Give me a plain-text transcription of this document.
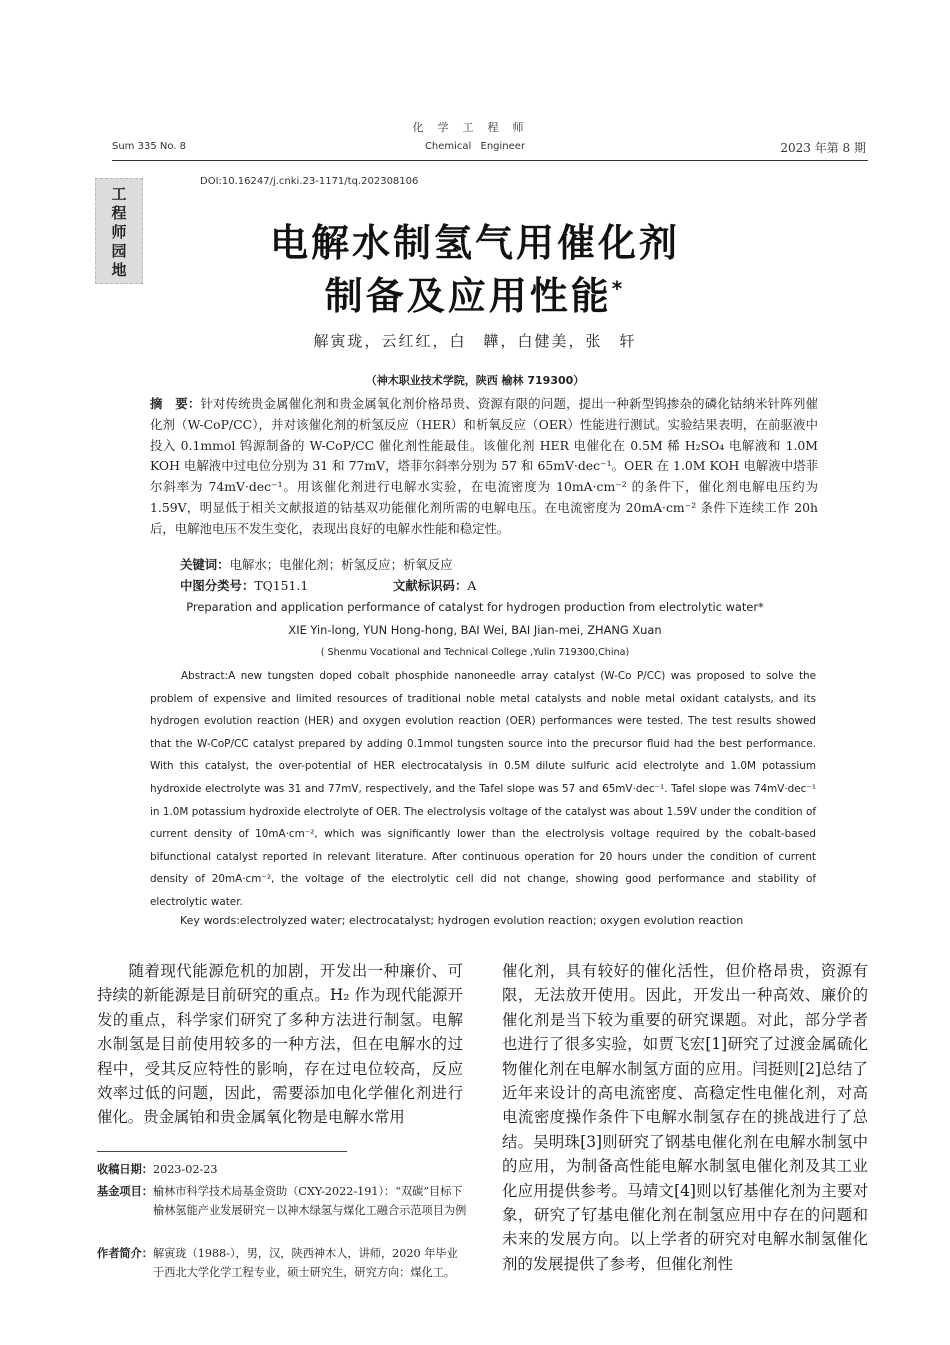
化学工程师
Sum 335 No. 8	Chemical Engineer	2023 年第 8 期
工程师园地
DOI:10.16247/j.cnki.23-1171/tq.202308106
电解水制氢气用催化剂
制备及应用性能*
解寅珑，云红红，白　韡，白健美，张　轩
（神木职业技术学院，陕西 榆林 719300）
摘　要：针对传统贵金属催化剂和贵金属氧化剂价格昂贵、资源有限的问题，提出一种新型钨掺杂的磷化钴纳米针阵列催化剂（W-CoP/CC），并对该催化剂的析氢反应（HER）和析氧反应（OER）性能进行测试。实验结果表明，在前驱液中投入 0.1mmol 钨源制备的 W-CoP/CC 催化剂性能最佳。该催化剂 HER 电催化在 0.5M 稀 H₂SO₄ 电解液和 1.0M KOH 电解液中过电位分别为 31 和 77mV，塔菲尔斜率分别为 57 和 65mV·dec⁻¹。OER 在 1.0M KOH 电解液中塔菲尔斜率为 74mV·dec⁻¹。用该催化剂进行电解水实验，在电流密度为 10mA·cm⁻² 的条件下，催化剂电解电压约为 1.59V，明显低于相关文献报道的钴基双功能催化剂所需的电解电压。在电流密度为 20mA·cm⁻² 条件下连续工作 20h 后，电解池电压不发生变化，表现出良好的电解水性能和稳定性。
关键词：电解水；电催化剂；析氢反应；析氧反应
中图分类号：TQ151.1	文献标识码：A
Preparation and application performance of catalyst for hydrogen production from electrolytic water*
XIE Yin-long, YUN Hong-hong, BAI Wei, BAI Jian-mei, ZHANG Xuan
( Shenmu Vocational and Technical College ,Yulin 719300,China)
Abstract:A new tungsten doped cobalt phosphide nanoneedle array catalyst (W-Co P/CC) was proposed to solve the problem of expensive and limited resources of traditional noble metal catalysts and noble metal oxidant catalysts, and its hydrogen evolution reaction (HER) and oxygen evolution reaction (OER) performances were tested. The test results showed that the W-CoP/CC catalyst prepared by adding 0.1mmol tungsten source into the precursor fluid had the best performance. With this catalyst, the over-potential of HER electrocatalysis in 0.5M dilute sulfuric acid electrolyte and 1.0M potassium hydroxide electrolyte was 31 and 77mV, respectively, and the Tafel slope was 57 and 65mV·dec⁻¹. Tafel slope was 74mV·dec⁻¹ in 1.0M potassium hydroxide electrolyte of OER. The electrolysis voltage of the catalyst was about 1.59V under the condition of current density of 10mA·cm⁻², which was significantly lower than the electrolysis voltage required by the cobalt-based bifunctional catalyst reported in relevant literature. After continuous operation for 20 hours under the condition of current density of 20mA·cm⁻², the voltage of the electrolytic cell did not change, showing good performance and stability of electrolytic water.
Key words:electrolyzed water; electrocatalyst; hydrogen evolution reaction; oxygen evolution reaction
随着现代能源危机的加剧，开发出一种廉价、可持续的新能源是目前研究的重点。H₂ 作为现代能源开发的重点，科学家们研究了多种方法进行制氢。电解水制氢是目前使用较多的一种方法，但在电解水的过程中，受其反应特性的影响，存在过电位较高，反应效率过低的问题，因此，需要添加电化学催化剂进行催化。贵金属铂和贵金属氧化物是电解水常用
催化剂，具有较好的催化活性，但价格昂贵，资源有限，无法放开使用。因此，开发出一种高效、廉价的催化剂是当下较为重要的研究课题。对此，部分学者也进行了很多实验，如贾飞宏[1]研究了过渡金属硫化物催化剂在电解水制氢方面的应用。闫挺则[2]总结了近年来设计的高电流密度、高稳定性电催化剂，对高电流密度操作条件下电解水制氢存在的挑战进行了总结。吴明珠[3]则研究了钢基电催化剂在电解水制氢中的应用，为制备高性能电解水制氢电催化剂及其工业化应用提供参考。马靖文[4]则以钌基催化剂为主要对象，研究了钌基电催化剂在制氢应用中存在的问题和未来的发展方向。以上学者的研究对电解水制氢催化剂的发展提供了参考，但催化剂性
收稿日期：2023-02-23
基金项目：榆林市科学技术局基金资助（CXY-2022-191）：“双碳”目标下榆林氢能产业发展研究－以神木绿氢与煤化工融合示范项目为例
作者简介：解寅珑（1988-），男，汉，陕西神木人，讲师，2020 年毕业于西北大学化学工程专业，硕士研究生，研究方向：煤化工。
